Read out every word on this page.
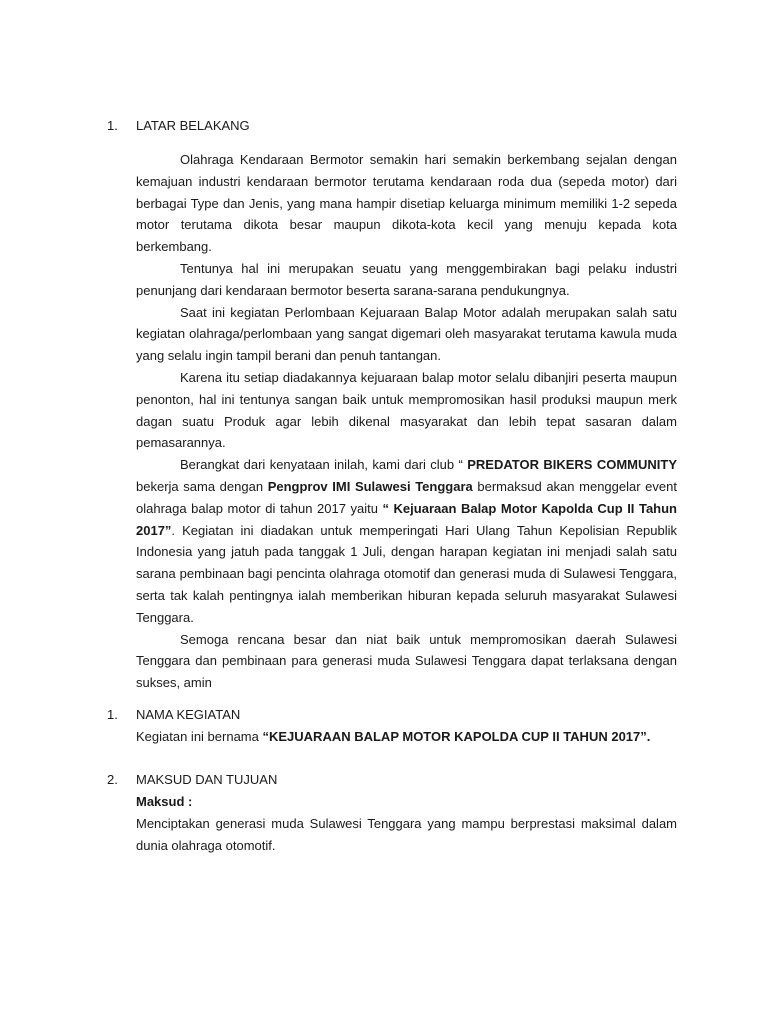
1. LATAR BELAKANG

Olahraga Kendaraan Bermotor semakin hari semakin berkembang sejalan dengan kemajuan industri kendaraan bermotor terutama kendaraan roda dua (sepeda motor) dari berbagai Type dan Jenis, yang mana hampir disetiap keluarga minimum memiliki 1-2 sepeda motor terutama dikota besar maupun dikota-kota kecil yang menuju kepada kota berkembang.

Tentunya hal ini merupakan seuatu yang menggembirakan bagi pelaku industri penunjang dari kendaraan bermotor beserta sarana-sarana pendukungnya.

Saat ini kegiatan Perlombaan Kejuaraan Balap Motor adalah merupakan salah satu kegiatan olahraga/perlombaan yang sangat digemari oleh masyarakat terutama kawula muda yang selalu ingin tampil berani dan penuh tantangan.

Karena itu setiap diadakannya kejuaraan balap motor selalu dibanjiri peserta maupun penonton, hal ini tentunya sangan baik untuk mempromosikan hasil produksi maupun merk dagan suatu Produk agar lebih dikenal masyarakat dan lebih tepat sasaran dalam pemasarannya.

Berangkat dari kenyataan inilah, kami dari club “ PREDATOR BIKERS COMMUNITY bekerja sama dengan Pengprov IMI Sulawesi Tenggara bermaksud akan menggelar event olahraga balap motor di tahun 2017 yaitu “ Kejuaraan Balap Motor Kapolda Cup II Tahun 2017”. Kegiatan ini diadakan untuk memperingati Hari Ulang Tahun Kepolisian Republik Indonesia yang jatuh pada tanggak 1 Juli, dengan harapan kegiatan ini menjadi salah satu sarana pembinaan bagi pencinta olahraga otomotif dan generasi muda di Sulawesi Tenggara, serta tak kalah pentingnya ialah memberikan hiburan kepada seluruh masyarakat Sulawesi Tenggara.

Semoga rencana besar dan niat baik untuk mempromosikan daerah Sulawesi Tenggara dan pembinaan para generasi muda Sulawesi Tenggara dapat terlaksana dengan sukses, amin

1. NAMA KEGIATAN

Kegiatan ini bernama “KEJUARAAN BALAP MOTOR KAPOLDA CUP II TAHUN 2017”.

2. MAKSUD DAN TUJUAN

Maksud :

Menciptakan generasi muda Sulawesi Tenggara yang mampu berprestasi maksimal dalam dunia olahraga otomotif.
